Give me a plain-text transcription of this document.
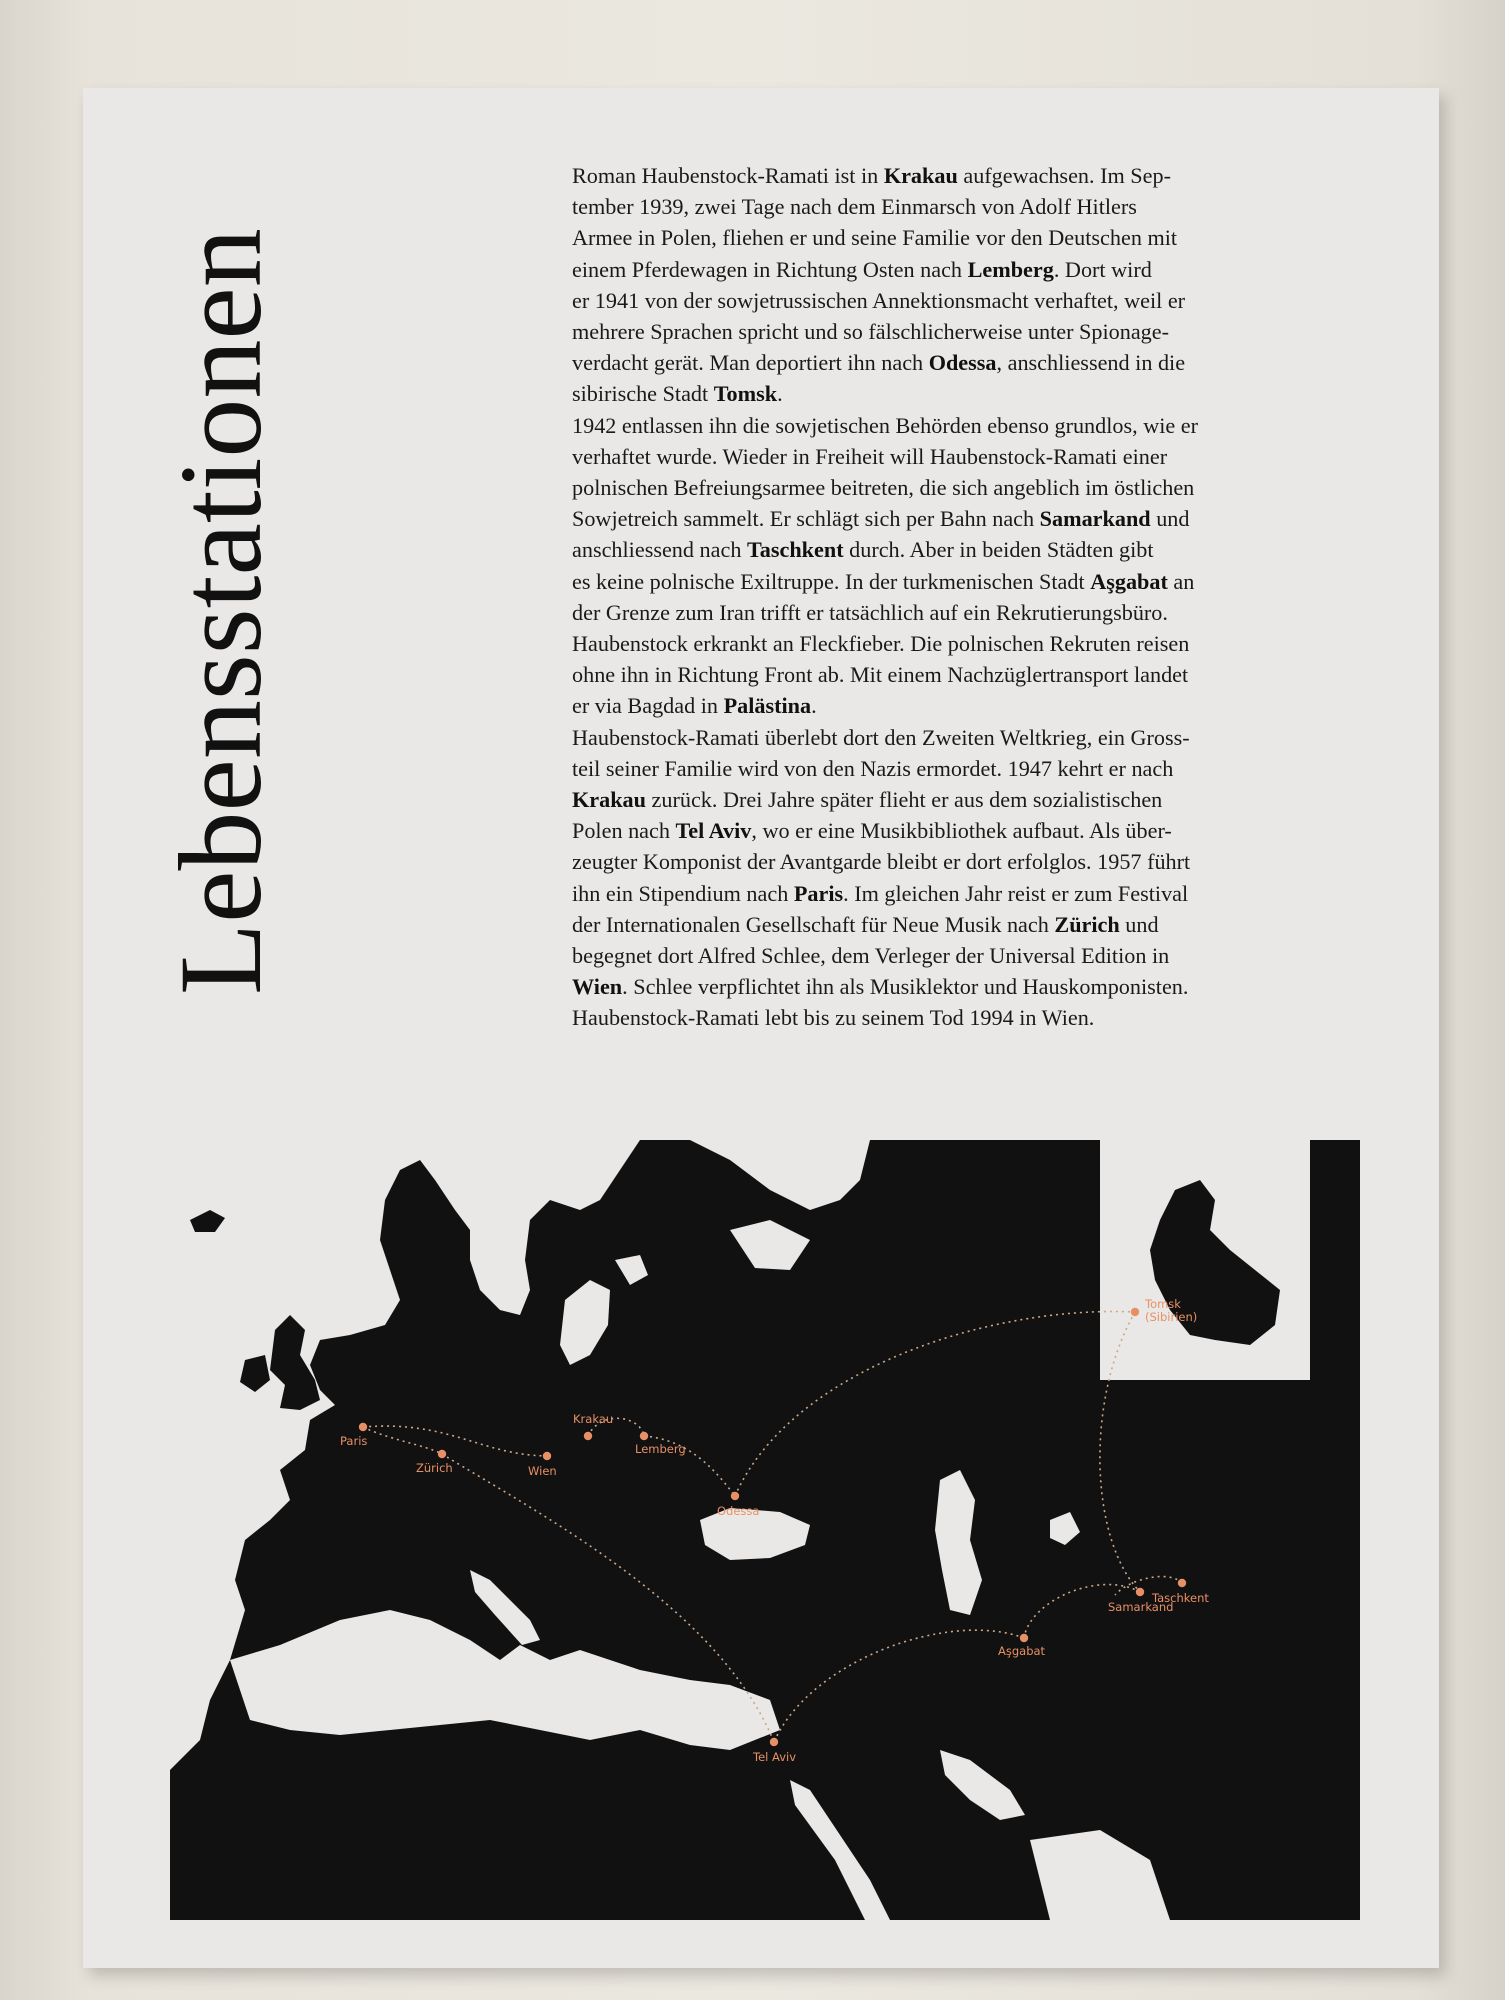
Lebensstationen

Roman Haubenstock-Ramati ist in Krakau aufgewachsen. Im Sep-
tember 1939, zwei Tage nach dem Einmarsch von Adolf Hitlers
Armee in Polen, fliehen er und seine Familie vor den Deutschen mit
einem Pferdewagen in Richtung Osten nach Lemberg. Dort wird
er 1941 von der sowjetrussischen Annektionsmacht verhaftet, weil er
mehrere Sprachen spricht und so fälschlicherweise unter Spionage-
verdacht gerät. Man deportiert ihn nach Odessa, anschliessend in die
sibirische Stadt Tomsk.

1942 entlassen ihn die sowjetischen Behörden ebenso grundlos, wie er
verhaftet wurde. Wieder in Freiheit will Haubenstock-Ramati einer
polnischen Befreiungsarmee beitreten, die sich angeblich im östlichen
Sowjetreich sammelt. Er schlägt sich per Bahn nach Samarkand und
anschliessend nach Taschkent durch. Aber in beiden Städten gibt
es keine polnische Exiltruppe. In der turkmenischen Stadt Aşgabat an
der Grenze zum Iran trifft er tatsächlich auf ein Rekrutierungsbüro.
Haubenstock erkrankt an Fleckfieber. Die polnischen Rekruten reisen
ohne ihn in Richtung Front ab. Mit einem Nachzüglertransport landet
er via Bagdad in Palästina.

Haubenstock-Ramati überlebt dort den Zweiten Weltkrieg, ein Gross-
teil seiner Familie wird von den Nazis ermordet. 1947 kehrt er nach
Krakau zurück. Drei Jahre später flieht er aus dem sozialistischen
Polen nach Tel Aviv, wo er eine Musikbibliothek aufbaut. Als über-
zeugter Komponist der Avantgarde bleibt er dort erfolglos. 1957 führt
ihn ein Stipendium nach Paris. Im gleichen Jahr reist er zum Festival
der Internationalen Gesellschaft für Neue Musik nach Zürich und
begegnet dort Alfred Schlee, dem Verleger der Universal Edition in
Wien. Schlee verpflichtet ihn als Musiklektor und Hauskomponisten.
Haubenstock-Ramati lebt bis zu seinem Tod 1994 in Wien.

Paris
Zürich	Wien
Krakau
Lemberg
Odessa
Tomsk (Sibirien)
Taschkent
Samarkand
Aşgabat
Tel Aviv
